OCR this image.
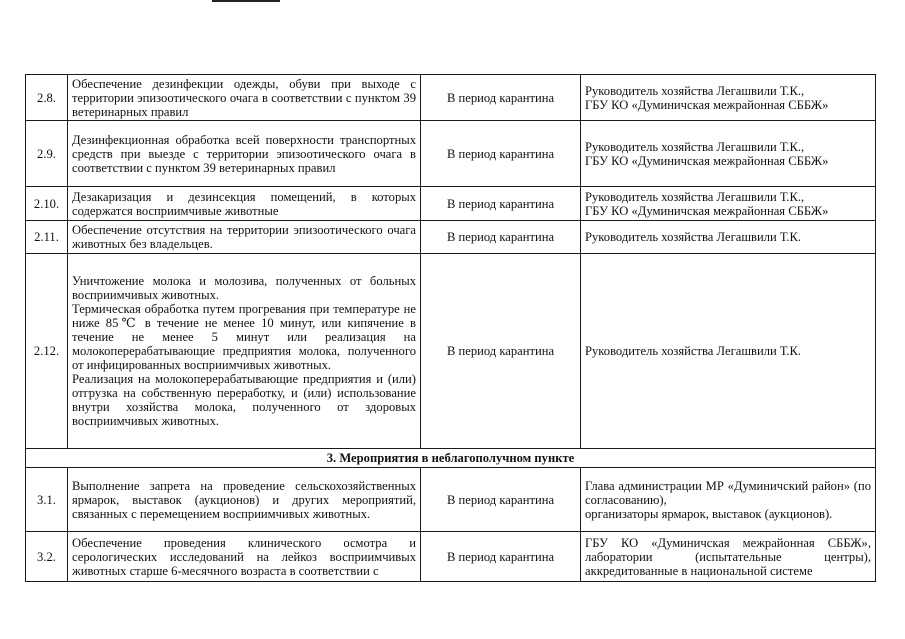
2.8.	Обеспечение дезинфекции одежды, обуви при выходе с территории эпизоотического очага в соответствии с пунктом 39 ветеринарных правил	В период карантина	Руководитель хозяйства Легашвили Т.К.,
ГБУ КО «Думиничская межрайонная СББЖ»

2.9.	Дезинфекционная обработка всей поверхности транспортных средств при выезде с территории эпизоотического очага в соответствии с пунктом 39 ветеринарных правил	В период карантина	Руководитель хозяйства Легашвили Т.К.,
ГБУ КО «Думиничская межрайонная СББЖ»

2.10.	Дезакаризация и дезинсекция помещений, в которых содержатся восприимчивые животные	В период карантина	Руководитель хозяйства Легашвили Т.К.,
ГБУ КО «Думиничская межрайонная СББЖ»

2.11.	Обеспечение отсутствия на территории эпизоотического очага животных без владельцев.	В период карантина	Руководитель хозяйства Легашвили Т.К.

2.12.	Уничтожение молока и молозива, полученных от больных восприимчивых животных.
Термическая обработка путем прогревания при температуре не ниже 85℃ в течение не менее 10 минут, или кипячение в течение не менее 5 минут или реализация на молокоперерабатывающие предприятия молока, полученного от инфицированных восприимчивых животных.
Реализация на молокоперерабатывающие предприятия и (или) отгрузка на собственную переработку, и (или) использование внутри хозяйства молока, полученного от здоровых восприимчивых животных.	В период карантина	Руководитель хозяйства Легашвили Т.К.

3. Мероприятия в неблагополучном пункте			
3.1.	Выполнение запрета на проведение сельскохозяйственных ярмарок, выставок (аукционов) и других мероприятий, связанных с перемещением восприимчивых животных.	В период карантина	Глава администрации МР «Думиничский район» (по согласованию),
организаторы ярмарок, выставок (аукционов).

3.2.	Обеспечение проведения клинического осмотра и серологических исследований на лейкоз восприимчивых животных старше 6-месячного возраста в соответствии с	В период карантина	ГБУ КО «Думиничская межрайонная СББЖ», лаборатории (испытательные центры), аккредитованные в национальной системе
